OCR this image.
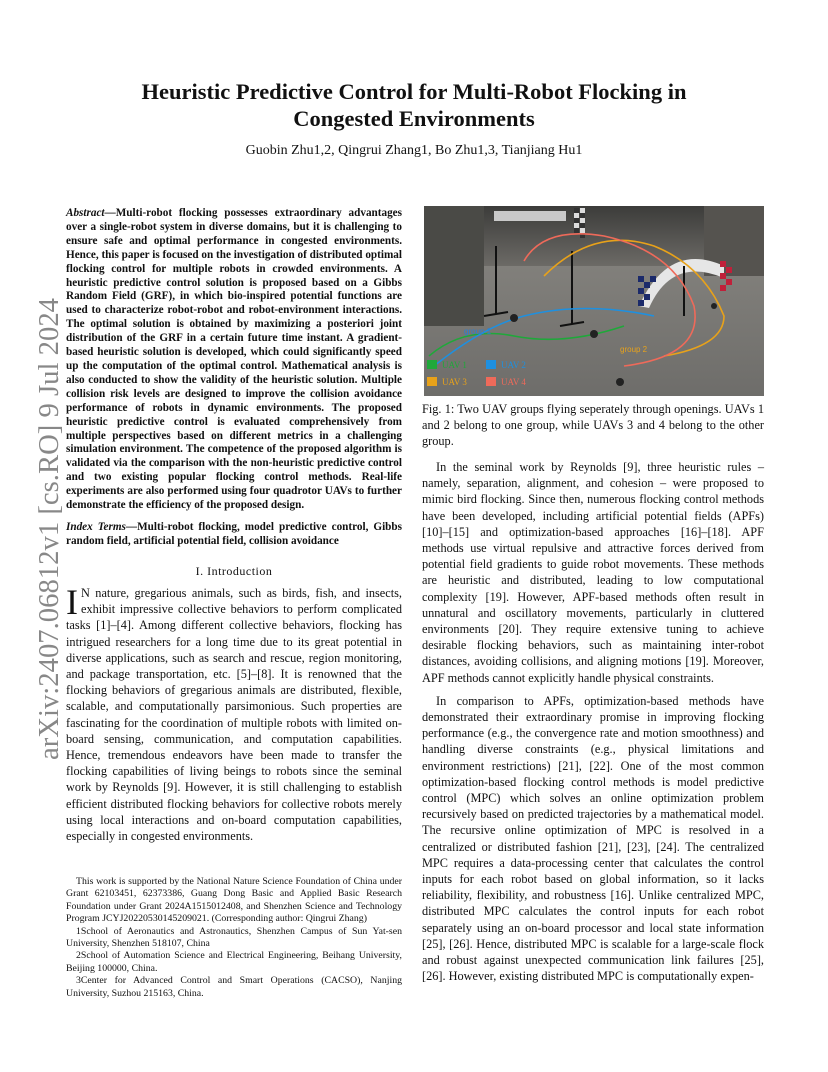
arXiv:2407.06812v1 [cs.RO] 9 Jul 2024
Heuristic Predictive Control for Multi-Robot Flocking in Congested Environments
Guobin Zhu1,2, Qingrui Zhang1, Bo Zhu1,3, Tianjiang Hu1
Abstract—Multi-robot flocking possesses extraordinary advantages over a single-robot system in diverse domains, but it is challenging to ensure safe and optimal performance in congested environments. Hence, this paper is focused on the investigation of distributed optimal flocking control for multiple robots in crowded environments. A heuristic predictive control solution is proposed based on a Gibbs Random Field (GRF), in which bio-inspired potential functions are used to characterize robot-robot and robot-environment interactions. The optimal solution is obtained by maximizing a posteriori joint distribution of the GRF in a certain future time instant. A gradient-based heuristic solution is developed, which could significantly speed up the computation of the optimal control. Mathematical analysis is also conducted to show the validity of the heuristic solution. Multiple collision risk levels are designed to improve the collision avoidance performance of robots in dynamic environments. The proposed heuristic predictive control is evaluated comprehensively from multiple perspectives based on different metrics in a challenging simulation environment. The competence of the proposed algorithm is validated via the comparison with the non-heuristic predictive control and two existing popular flocking control methods. Real-life experiments are also performed using four quadrotor UAVs to further demonstrate the efficiency of the proposed design.
Index Terms—Multi-robot flocking, model predictive control, Gibbs random field, artificial potential field, collision avoidance
I. Introduction

I N nature, gregarious animals, such as birds, fish, and insects, exhibit impressive collective behaviors to perform complicated tasks [1]–[4]. Among different collective behaviors, flocking has intrigued researchers for a long time due to its great potential in diverse applications, such as search and rescue, region monitoring, and package transportation, etc. [5]–[8]. It is renowned that the flocking behaviors of gregarious animals are distributed, flexible, scalable, and computationally parsimonious. Such properties are fascinating for the coordination of multiple robots with limited on-board sensing, communication, and computation capabilities. Hence, tremendous endeavors have been made to transfer the flocking capabilities of living beings to robots since the seminal work by Reynolds [9]. However, it is still challenging to establish efficient distributed flocking behaviors for collective robots merely using local interactions and on-board computation capabilities, especially in congested environments.

This work is supported by the National Nature Science Foundation of China under Grant 62103451, 62373386, Guang Dong Basic and Applied Basic Research Foundation under Grant 2024A1515012408, and Shenzhen Science and Technology Program JCYJ20220530145209021. (Corresponding author: Qingrui Zhang)

1School of Aeronautics and Astronautics, Shenzhen Campus of Sun Yat-sen University, Shenzhen 518107, China

2School of Automation Science and Electrical Engineering, Beihang University, Beijing 100000, China.

3Center for Advanced Control and Smart Operations (CACSO), Nanjing University, Suzhou 215163, China.

group 1
group 2
UAV 1
UAV 3
UAV 2
UAV 4
Fig. 1: Two UAV groups flying seperately through openings. UAVs 1 and 2 belong to one group, while UAVs 3 and 4 belong to the other group.

In the seminal work by Reynolds [9], three heuristic rules – namely, separation, alignment, and cohesion – were proposed to mimic bird flocking. Since then, numerous flocking control methods have been developed, including artificial potential fields (APFs) [10]–[15] and optimization-based approaches [16]–[18]. APF methods use virtual repulsive and attractive forces derived from potential field gradients to guide robot movements. These methods are heuristic and distributed, leading to low computational complexity [19]. However, APF-based methods often result in unnatural and oscillatory movements, particularly in cluttered environments [20]. They require extensive tuning to achieve desirable flocking behaviors, such as maintaining inter-robot distances, avoiding collisions, and aligning motions [19]. Moreover, APF methods cannot explicitly handle physical constraints.

In comparison to APFs, optimization-based methods have demonstrated their extraordinary promise in improving flocking performance (e.g., the convergence rate and motion smoothness) and handling diverse constraints (e.g., physical limitations and environment restrictions) [21], [22]. One of the most common optimization-based flocking control methods is model predictive control (MPC) which solves an online optimization problem recursively based on predicted trajectories by a mathematical model. The recursive online optimization of MPC is resolved in a centralized or distributed fashion [21], [23], [24]. The centralized MPC requires a data-processing center that calculates the control inputs for each robot based on global information, so it lacks reliability, flexibility, and robustness [16]. Unlike centralized MPC, distributed MPC calculates the control inputs for each robot separately using an on-board processor and local state information [25], [26]. Hence, distributed MPC is scalable for a large-scale flock and robust against unexpected communication link failures [25], [26]. However, existing distributed MPC is computationally expen-
